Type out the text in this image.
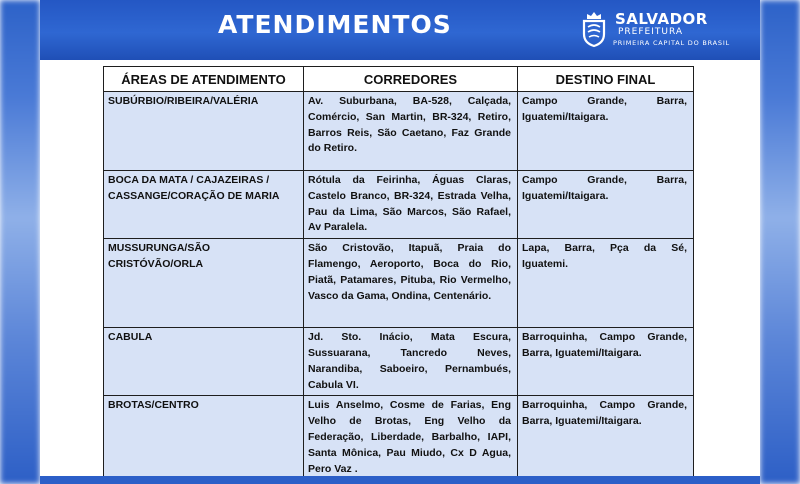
ATENDIMENTOS	SALVADOR
PREFEITURA
PRIMEIRA CAPITAL DO BRASIL
ÁREAS DE ATENDIMENTO	CORREDORES	DESTINO FINAL
SUBÚRBIO/RIBEIRA/VALÉRIA	Av. Suburbana, BA-528, Calçada, Comércio, San Martin, BR-324, Retiro, Barros Reis, São Caetano, Faz Grande do Retiro.	Campo Grande, Barra, Iguatemi/Itaigara.
BOCA DA MATA / CAJAZEIRAS / CASSANGE/CORAÇÃO DE MARIA	Rótula da Feirinha, Águas Claras, Castelo Branco, BR-324, Estrada Velha, Pau da Lima, São Marcos, São Rafael, Av Paralela.	Campo Grande, Barra, Iguatemi/Itaigara.
MUSSURUNGA/SÃO CRISTÓVÃO/ORLA	São Cristovão, Itapuã, Praia do Flamengo, Aeroporto, Boca do Rio, Piatã, Patamares, Pituba, Rio Vermelho, Vasco da Gama, Ondina, Centenário.	Lapa, Barra, Pça da Sé, Iguatemi.
CABULA	Jd. Sto. Inácio, Mata Escura, Sussuarana, Tancredo Neves, Narandiba, Saboeiro, Pernambués, Cabula VI.	Barroquinha, Campo Grande, Barra, Iguatemi/Itaigara.
BROTAS/CENTRO	Luis Anselmo, Cosme de Farias, Eng Velho de Brotas, Eng Velho da Federação, Liberdade, Barbalho, IAPI, Santa Mônica, Pau Miudo, Cx D Agua, Pero Vaz .	Barroquinha, Campo Grande, Barra, Iguatemi/Itaigara.
